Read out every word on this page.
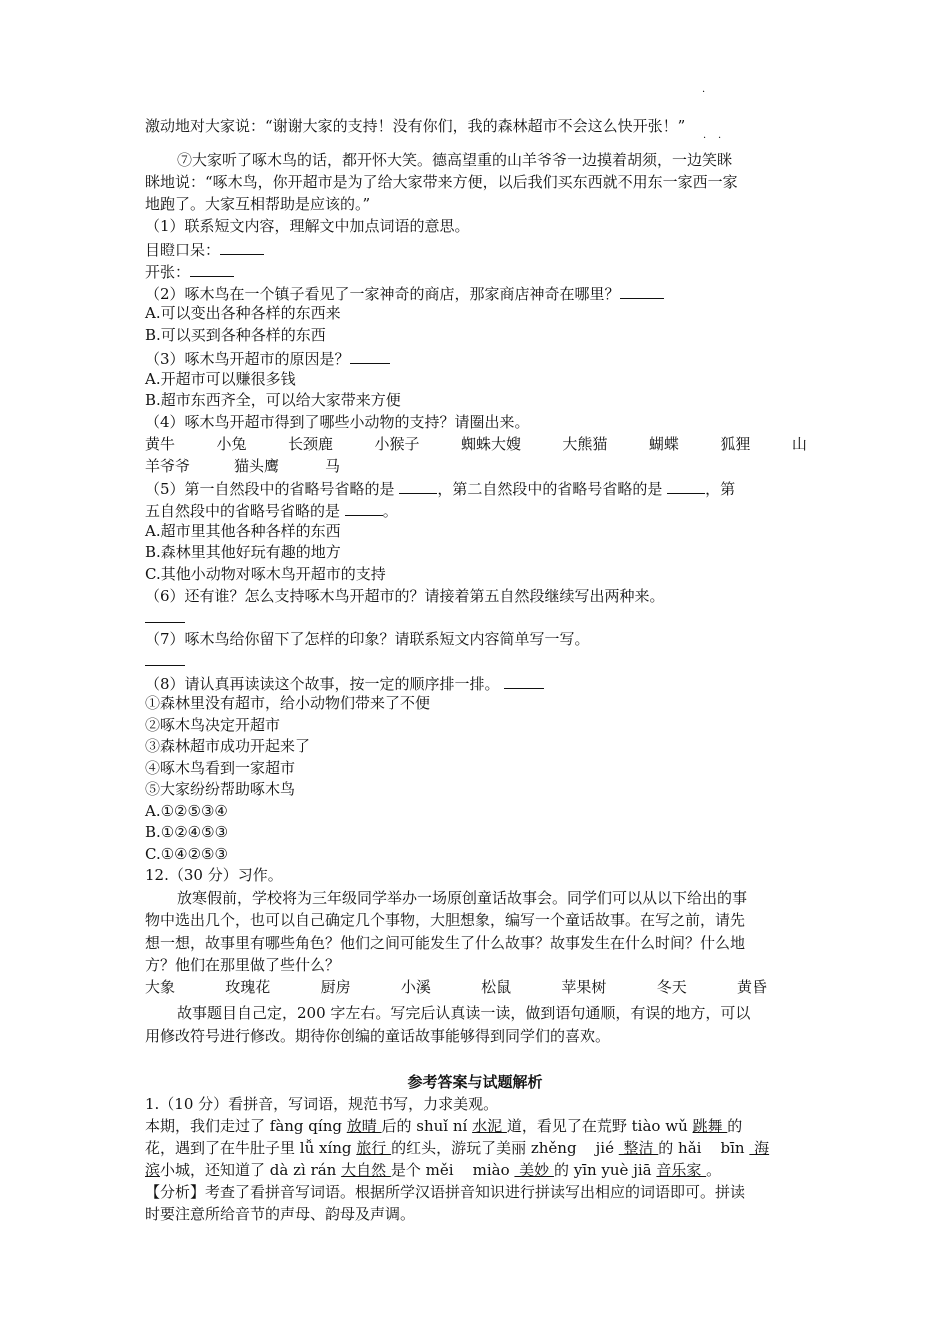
·
激动地对大家说：“谢谢大家的支持！没有你们，我的森林超市不会这么快开张！”
· ·
⑦大家听了啄木鸟的话，都开怀大笑。德高望重的山羊爷爷一边摸着胡须，一边笑眯
眯地说：“啄木鸟，你开超市是为了给大家带来方便，以后我们买东西就不用东一家西一家
地跑了。大家互相帮助是应该的。”
（1）联系短文内容，理解文中加点词语的意思。
目瞪口呆：
开张：
（2）啄木鸟在一个镇子看见了一家神奇的商店，那家商店神奇在哪里？
A.可以变出各种各样的东西来
B.可以买到各种各样的东西
（3）啄木鸟开超市的原因是？
A.开超市可以赚很多钱
B.超市东西齐全，可以给大家带来方便
（4）啄木鸟开超市得到了哪些小动物的支持？请圈出来。
黄牛	小兔	长颈鹿	小猴子	蜘蛛大嫂	大熊猫	蝴蝶	狐狸	山
羊爷爷	猫头鹰	马
（5）第一自然段中的省略号省略的是	，第二自然段中的省略号省略的是	，第
五自然段中的省略号省略的是	。
A.超市里其他各种各样的东西
B.森林里其他好玩有趣的地方
C.其他小动物对啄木鸟开超市的支持
（6）还有谁？怎么支持啄木鸟开超市的？请接着第五自然段继续写出两种来。
（7）啄木鸟给你留下了怎样的印象？请联系短文内容简单写一写。
（8）请认真再读读这个故事，按一定的顺序排一排。
①森林里没有超市，给小动物们带来了不便
②啄木鸟决定开超市
③森林超市成功开起来了
④啄木鸟看到一家超市
⑤大家纷纷帮助啄木鸟
A.①②⑤③④
B.①②④⑤③
C.①④②⑤③
12.（30 分）习作。
放寒假前，学校将为三年级同学举办一场原创童话故事会。同学们可以从以下给出的事
物中选出几个，也可以自己确定几个事物，大胆想象，编写一个童话故事。在写之前，请先
想一想，故事里有哪些角色？他们之间可能发生了什么故事？故事发生在什么时间？什么地
方？他们在那里做了些什么？
大象	玫瑰花	厨房	小溪	松鼠	苹果树	冬天	黄昏
故事题目自己定，200 字左右。写完后认真读一读，做到语句通顺，有误的地方，可以
用修改符号进行修改。期待你创编的童话故事能够得到同学们的喜欢。
参考答案与试题解析
1.（10 分）看拼音，写词语，规范书写，力求美观。
本期，我们走过了 fàng qíng 放晴 后的 shuǐ ní 水泥 道，看见了在荒野 tiào wǔ 跳舞 的
花，遇到了在牛肚子里 lǚ xíng 旅行 的红头，游玩了美丽 zhěng    jié  整洁 的 hǎi    bīn  海
滨小城，还知道了 dà zì rán 大自然 是个 měi    miào  美妙 的 yīn yuè jiā 音乐家 。
【分析】考查了看拼音写词语。根据所学汉语拼音知识进行拼读写出相应的词语即可。拼读
时要注意所给音节的声母、韵母及声调。
